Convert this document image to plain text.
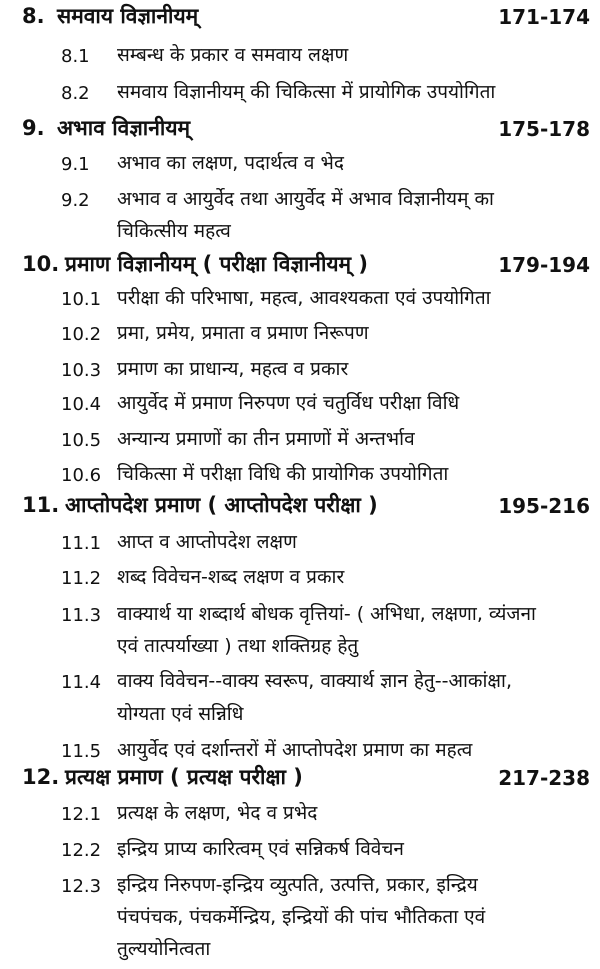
8. समवाय विज्ञानीयम्	171-174
8.1 सम्बन्ध के प्रकार व समवाय लक्षण
8.2 समवाय विज्ञानीयम् की चिकित्सा में प्रायोगिक उपयोगिता
9. अभाव विज्ञानीयम्	175-178
9.1 अभाव का लक्षण, पदार्थत्व व भेद
9.2 अभाव व आयुर्वेद तथा आयुर्वेद में अभाव विज्ञानीयम् का
चिकित्सीय महत्व
10. प्रमाण विज्ञानीयम् ( परीक्षा विज्ञानीयम् )	179-194
10.1 परीक्षा की परिभाषा, महत्व, आवश्यकता एवं उपयोगिता
10.2 प्रमा, प्रमेय, प्रमाता व प्रमाण निरूपण
10.3 प्रमाण का प्राधान्य, महत्व व प्रकार
10.4 आयुर्वेद में प्रमाण निरुपण एवं चतुर्विध परीक्षा विधि
10.5 अन्यान्य प्रमाणों का तीन प्रमाणों में अन्तर्भाव
10.6 चिकित्सा में परीक्षा विधि की प्रायोगिक उपयोगिता
11. आप्तोपदेश प्रमाण ( आप्तोपदेश परीक्षा )	195-216
11.1 आप्त व आप्तोपदेश लक्षण
11.2 शब्द विवेचन-शब्द लक्षण व प्रकार
11.3 वाक्यार्थ या शब्दार्थ बोधक वृत्तियां- ( अभिधा, लक्षणा, व्यंजना
एवं तात्पर्याख्या ) तथा शक्तिग्रह हेतु
11.4 वाक्य विवेचन--वाक्य स्वरूप, वाक्यार्थ ज्ञान हेतु--आकांक्षा,
योग्यता एवं सन्निधि
11.5 आयुर्वेद एवं दर्शान्तरों में आप्तोपदेश प्रमाण का महत्व
12. प्रत्यक्ष प्रमाण ( प्रत्यक्ष परीक्षा )	217-238
12.1 प्रत्यक्ष के लक्षण, भेद व प्रभेद
12.2 इन्द्रिय प्राप्य कारित्वम् एवं सन्निकर्ष विवेचन
12.3 इन्द्रिय निरुपण-इन्द्रिय व्युत्पति, उत्पत्ति, प्रकार, इन्द्रिय
पंचपंचक, पंचकर्मेन्द्रिय, इन्द्रियों की पांच भौतिकता एवं
तुल्ययोनित्वता
